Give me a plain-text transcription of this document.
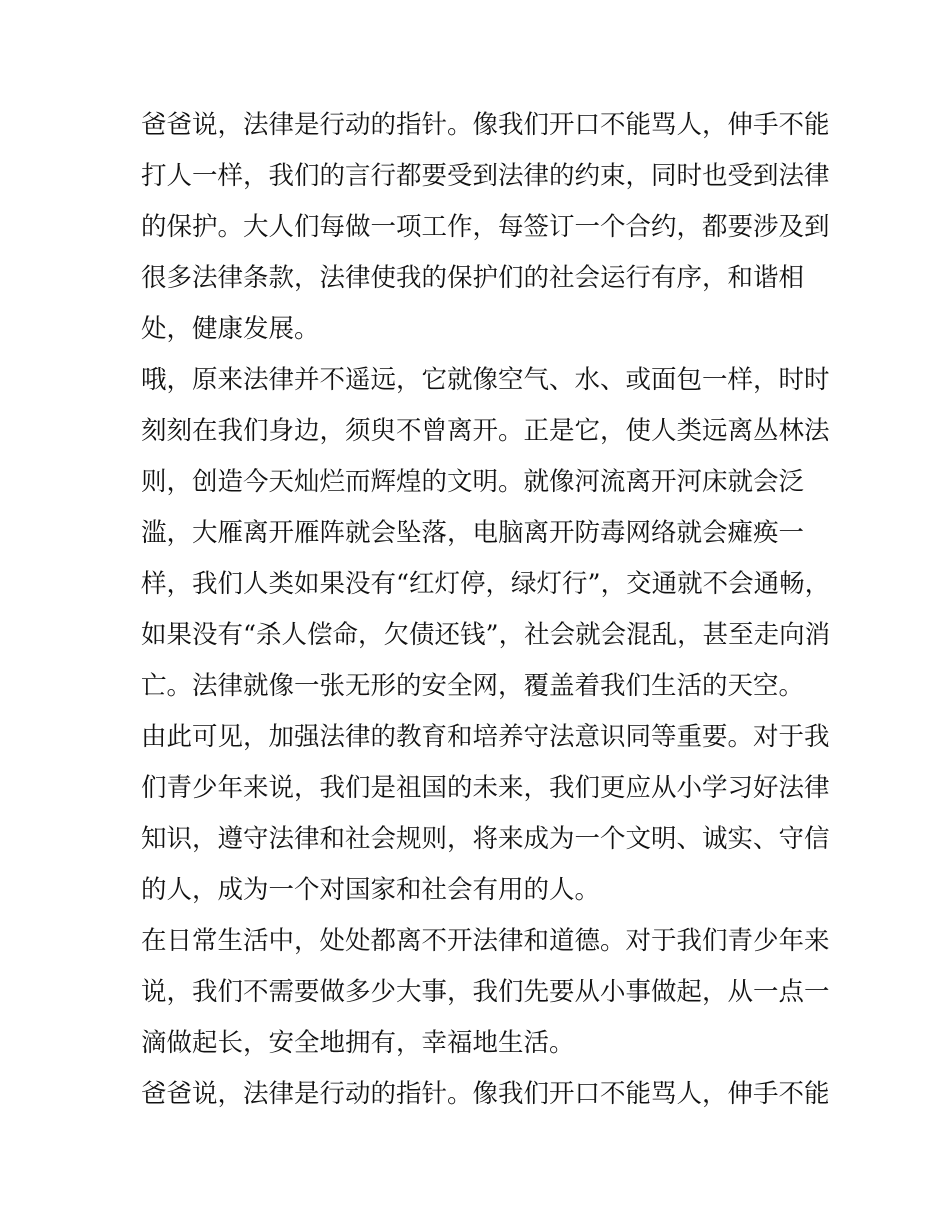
爸爸说，法律是行动的指针。像我们开口不能骂人，伸手不能
打人一样，我们的言行都要受到法律的约束，同时也受到法律
的保护。大人们每做一项工作，每签订一个合约，都要涉及到
很多法律条款，法律使我的保护们的社会运行有序，和谐相
处，健康发展。
哦，原来法律并不遥远，它就像空气、水、或面包一样，时时
刻刻在我们身边，须臾不曾离开。正是它，使人类远离丛林法
则，创造今天灿烂而辉煌的文明。就像河流离开河床就会泛
滥，大雁离开雁阵就会坠落，电脑离开防毒网络就会瘫痪一
样，我们人类如果没有“红灯停，绿灯行”，交通就不会通畅，
如果没有“杀人偿命，欠债还钱”，社会就会混乱，甚至走向消
亡。法律就像一张无形的安全网，覆盖着我们生活的天空。
由此可见，加强法律的教育和培养守法意识同等重要。对于我
们青少年来说，我们是祖国的未来，我们更应从小学习好法律
知识，遵守法律和社会规则，将来成为一个文明、诚实、守信
的人，成为一个对国家和社会有用的人。
在日常生活中，处处都离不开法律和道德。对于我们青少年来
说，我们不需要做多少大事，我们先要从小事做起，从一点一
滴做起长，安全地拥有，幸福地生活。
爸爸说，法律是行动的指针。像我们开口不能骂人，伸手不能
